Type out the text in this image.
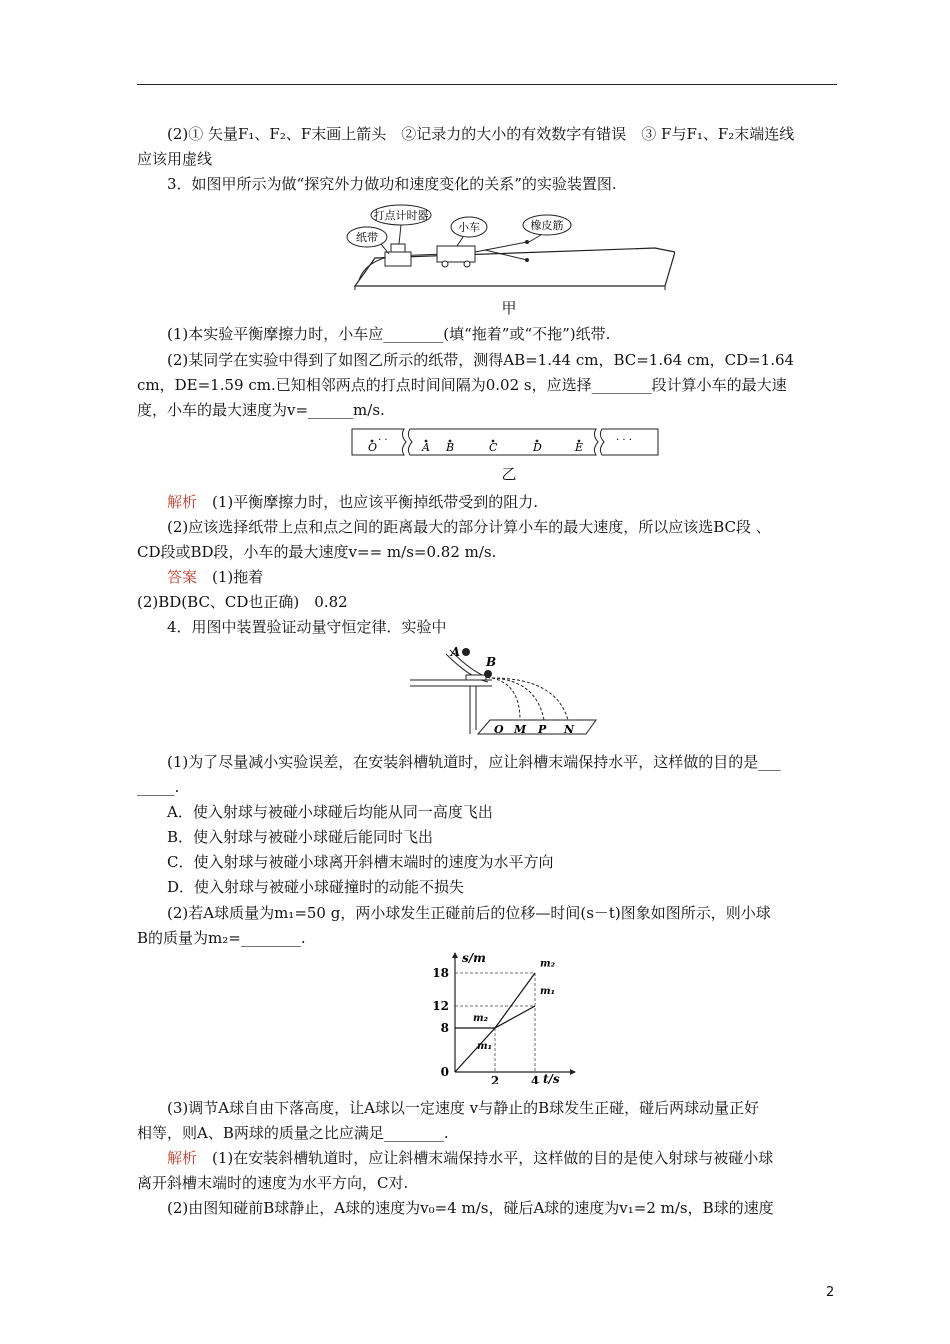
(2)① 矢量F₁、F₂、F末画上箭头　②记录力的大小的有效数字有错误　③ F与F₁、F₂末端连线
应该用虚线
3．如图甲所示为做“探究外力做功和速度变化的关系”的实验装置图.
打点计时器
纸带
小车	橡皮筋
甲
(1)本实验平衡摩擦力时，小车应________(填“拖着”或“不拖”)纸带.
(2)某同学在实验中得到了如图乙所示的纸带，测得AB=1.44 cm，BC=1.64 cm，CD=1.64
cm，DE=1.59 cm.已知相邻两点的打点时间间隔为0.02 s，应选择________段计算小车的最大速
度，小车的最大速度为v=______m/s.
O
· ·
A B	C	D	E
· · ·
乙
解析　 (1)平衡摩擦力时，也应该平衡掉纸带受到的阻力.
(2)应该选择纸带上点和点之间的距离最大的部分计算小车的最大速度，所以应该选BC段 、
CD段或BD段，小车的最大速度v== m/s=0.82 m/s.
答案　 (1)拖着
(2)BD(BC、CD也正确)　0.82
4．用图中装置验证动量守恒定律．实验中
A
B
O M P N
(1)为了尽量减小实验误差，在安装斜槽轨道时，应让斜槽末端保持水平，这样做的目的是___
_____.
A．使入射球与被碰小球碰后均能从同一高度飞出
B．使入射球与被碰小球碰后能同时飞出
C．使入射球与被碰小球离开斜槽末端时的速度为水平方向
D．使入射球与被碰小球碰撞时的动能不损失
(2)若A球质量为m₁=50 g，两小球发生正碰前后的位移—时间(s－t)图象如图所示，则小球
B的质量为m₂=________.
s/m
t/s
0
8
12
18
2	4
m₂
m₁
m₂
m₁
(3)调节A球自由下落高度，让A球以一定速度 v与静止的B球发生正碰，碰后两球动量正好
相等，则A、B两球的质量之比应满足________.
解析　 (1)在安装斜槽轨道时，应让斜槽末端保持水平，这样做的目的是使入射球与被碰小球
离开斜槽末端时的速度为水平方向，C对.
(2)由图知碰前B球静止，A球的速度为v₀=4 m/s，碰后A球的速度为v₁=2 m/s，B球的速度
2
